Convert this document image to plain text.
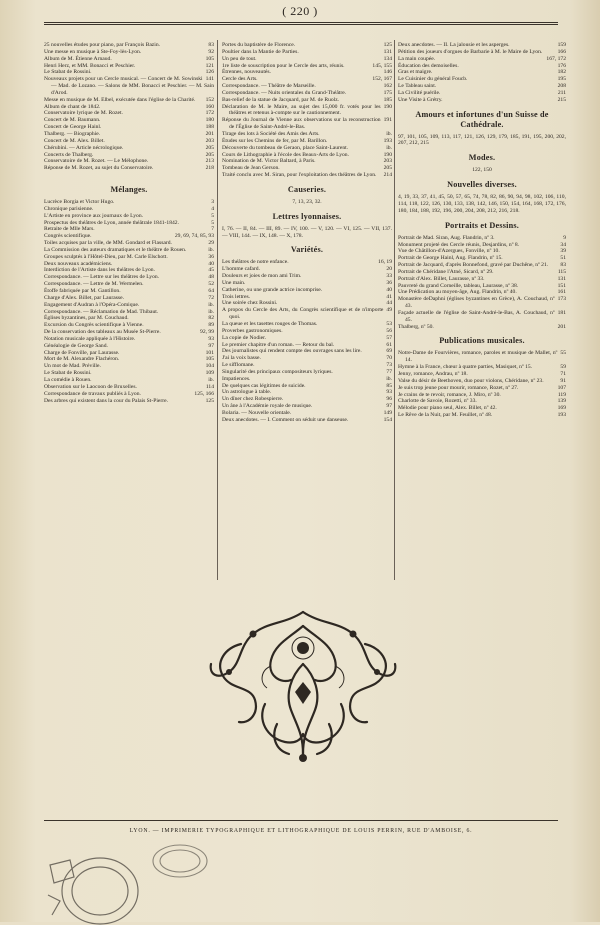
( 220 )
83
25 nouvelles études pour piano, par François Bazin.
92
Une messe en musique à Ste-Foy-lès-Lyon.
105
Album de M. Étienne Arnaud.
121
Henri Herz, et MM. Bonacci et Peschier.
126
Le Stabat de Rossini.
141
Nouveaux projets pour un Cercle musical. — Concert de M. Sowinski — Mad. de Lozano. — Salons de MM. Bonacci et Peschier. — M. Sain d'Arod.
152
Messe en musique de M. Elbel, exécutée dans l'église de la Charité.
160
Album de chant de 1842.
172
Conservatoire lyrique de M. Rozet.
180
Concert de M. Baumann.
188
Concert de George Hainl.
201
Thalberg. — Biographie.
203
Concert de M. Alex. Billet.
205
Chérubini. — Article nécrologique.
205
Concerts de Thalberg.
213
Conservatoire de M. Rozet. — Le Mélophone.
218
Réponse de M. Rozet, au sujet du Conservatoire.
Mélanges.
3
Lucrèce Borgia et Victor Hugo.
4
Chronique parisienne.
5
L'Artiste en province aux journaux de Lyon.
5
Prospectus des théâtres de Lyon, année théâtrale 1841-1842.
7
Retraite de Mlle Mars.
29, 69, 74, 85, 93
Congrès scientifique.
29
Toiles acquises par la ville, de MM. Gondard et Flassard.
ib.
La Commission des auteurs dramatiques et le théâtre de Rouen.
36
Groupes sculptés à l'Hôtel-Dieu, par M. Carle Elschott.
40
Deux nouveaux académiciens.
45
Interdiction de l'Artiste dans les théâtres de Lyon.
48
Correspondance. — Lettre sur les théâtres de Lyon.
52
Correspondance. — Lettre de M. Wermelen.
64
Étoffe fabriquée par M. Gantillon.
72
Charge d'Alex. Billet, par Laurasse.
ib.
Engagement d'Audran à l'Opéra-Comique.
ib.
Correspondance. — Réclamation de Mad. Thibaut.
82
Églises byzantines, par M. Couchaud.
89
Excursion du Congrès scientifique à Vienne.
92, 99
De la conservation des tableaux au Musée St-Pierre.
93
Notation musicale appliquée à l'Histoire.
97
Généalogie de George Sand.
101
Charge de Fonville, par Laurasse.
105
Mort de M. Alexandre Flachéron.
104
Un mot de Mad. Préville.
109
Le Stabat de Rossini.
ib.
La comédie à Rouen.
114
Observation sur le Laocoon de Bruxelles.
125, 166
Correspondance de travaux publiés à Lyon.
125
Des arbres qui existent dans la cour du Palais St-Pierre.
125
Portes du baptistère de Florence.
131
Poultier dans la Mantie de Parties.
134
Un peu de tout.
145, 155
1re liste de souscription pour le Cercle des arts, réunis.
146
Étrennes, nouveautés.
152, 167
Cercle des Arts.
162
Correspondance. — Théâtre de Marseille.
175
Correspondance. — Nuits orientales du Grand-Théâtre.
185
Bas-relief de la statue de Jacquard, par M. de Ruolz.
190
Déclaration de M. le Maire, au sujet des 15,000 fr. votés pour les théâtres et retenus à-compte sur le cautionnement.
191
Réponse du Journal de Vienne aux observations sur la reconstruction de l'Église de Saint-André-le-Bas.
ib.
Tirage des lots à Société des Amis des Arts.
193
Études sur les Chemins de fer, par M. Barillon.
ib.
Découverte du tombeau de Geraon, place Saint-Laurent.
190
Cours de Lithographie à l'école des Beaux-Arts de Lyon.
203
Nomination de M. Victor Baltard, à Paris.
205
Tombeau de Jean Gerson.
214
Traité conclu avec M. Siran, pour l'exploitation des théâtres de Lyon.
Causeries.
7, 13, 23, 32.
Lettres lyonnaises.
I, 76. — II, 84. — III, 89. — IV, 100. — V, 120. — VI, 125. — VII, 137. — VIII, 144. — IX, 148. — X, 178.
Variétés.
16, 19
Les théâtres de notre enfance.
20
L'homme cafard.
33
Douleurs et joies de mon ami Trim.
36
Une main.
40
Catherine, ou une grande actrice incomprise.
41
Trois lettres.
44
Une soirée chez Rossini.
49
A propos du Cercle des Arts, du Congrès scientifique et de n'importe quoi.
53
La queue et les tasettes rouges de Thomas.
56
Proverbes gastronomiques.
57
La copie de Nodier.
61
Le premier chapitre d'un roman. — Retour du bal.
69
Des journalistes qui rendent compte des ouvrages sans les lire.
70
J'ai la voix basse.
73
Le sifflomane.
77
Singularité des principaux compositeurs lyriques.
ib.
Impatiences.
85
De quelques cas légitimes de suicide.
93
Un astrologue à table.
96
Un dîner chez Robespierre.
97
Un âne à l'Académie royale de musique.
149
Bolaria. — Nouvelle orientale.
154
Deux anecdotes. — I. Comment on séduit une danseuse.
159
Deux anecdotes. — II. La jalousie et les asperges.
166
Pétition des joueurs d'orgues de Barbarie à M. le Maire de Lyon.
167, 172
La main coupée.
176
Éducation des demoiselles.
182
Gras et maigre.
195
Le Cuisinier du général Foucb.
208
Le Tableau saint.
211
La Civilité puérile.
215
Une Visite à Grétry.
Amours et infortunes d'un Suisse de Cathédrale.
97, 101, 105, 109, 113, 117, 121, 126, 129, 179, 185, 191, 195, 200, 202, 207, 212, 215
Modes.
122, 150
Nouvelles diverses.
4, 19, 33, 37, 41, 45, 50, 57, 65, 74, 78, 82, 86, 90, 94, 98, 102, 106, 110, 114, 118, 122, 126, 130, 133, 138, 142, 146, 150, 154, 164, 168, 172, 176, 180, 184, 188, 192, 196, 200, 204, 208, 212, 216, 218.
Portraits et Dessins.
9
Portrait de Mad. Siran, Aug. Flandrin, nº 3.
34
Monument projeté des Cercle réunis, Desjardins, nº 8.
39
Vue de Châtillon-d'Azergues, Fonville, nº 10.
51
Portrait de George Hainl, Aug. Flandrin, nº 15.
83
Portrait de Jacquard, d'après Bonnefond, gravé par Duchêne, nº 21.
115
Portrait de Chéridane l'Atné, Sicard, nº 29.
131
Portrait d'Alex. Billet, Laurasse, nº 33.
151
Pauvreté du grand Corneille, tableau, Laurasse, nº 38.
161
Une Prédication au moyen-âge, Aug. Flandrin, nº 40.
173
Monastère deDaphni (églises byzantines en Grèce), A. Couchaud, nº 43.
181
Façade actuelle de l'église de Saint-André-le-Bas, A. Couchaud, nº 45.
201
Thalberg, nº 50.
Publications musicales.
55
Notre-Dame de Fourvières, romance, paroles et musique de Mallet, nº 14.
59
Hymne à la France, chœur à quatre parties, Masiquet, nº 15.
71
Jenny, romance, Andrau, nº 18.
91
Valse du désir de Beethoven, duo pour violons, Chéridane, nº 23.
107
Je suis trop jeune pour mourir, romance, Rozet, nº 27.
119
Je crains de te revoir, romance, J. Miro, nº 30.
139
Charlotte de Savoie, Rozetti, nº 33.
169
Mélodie pour piano seul, Alex. Billet, nº 42.
193
Le Rêve de la Nuit, par M. Feuillet, nº 48.
LYON. — IMPRIMERIE TYPOGRAPHIQUE ET LITHOGRAPHIQUE DE LOUIS PERRIN, RUE D'AMBOISE, 6.
